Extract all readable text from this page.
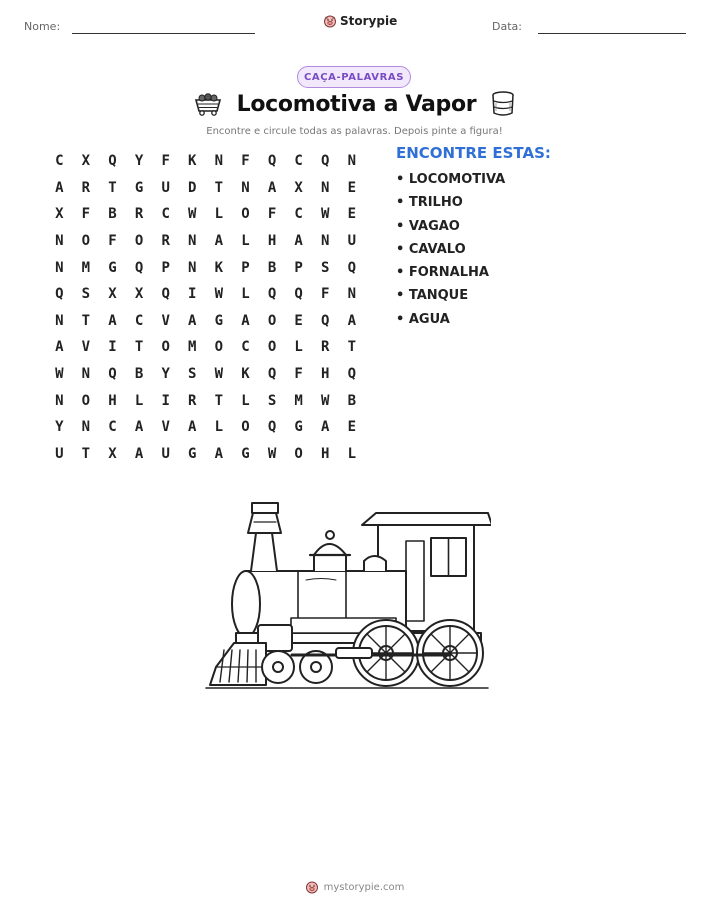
Nome:	Storypie	Data:
CAÇA-PALAVRAS
Locomotiva a Vapor
Encontre e circule todas as palavras. Depois pinte a figura!
C	X	Q	Y	F	K	N	F	Q	C	Q	N
A	R	T	G	U	D	T	N	A	X	N	E
X	F	B	R	C	W	L	O	F	C	W	E
N	O	F	O	R	N	A	L	H	A	N	U
N	M	G	Q	P	N	K	P	B	P	S	Q
Q	S	X	X	Q	I	W	L	Q	Q	F	N
N	T	A	C	V	A	G	A	O	E	Q	A
A	V	I	T	O	M	O	C	O	L	R	T
W	N	Q	B	Y	S	W	K	Q	F	H	Q
N	O	H	L	I	R	T	L	S	M	W	B
Y	N	C	A	V	A	L	O	Q	G	A	E
U	T	X	A	U	G	A	G	W	O	H	L
ENCONTRE ESTAS:
• LOCOMOTIVA
• TRILHO
• VAGAO
• CAVALO
• FORNALHA
• TANQUE
• AGUA
mystorypie.com
